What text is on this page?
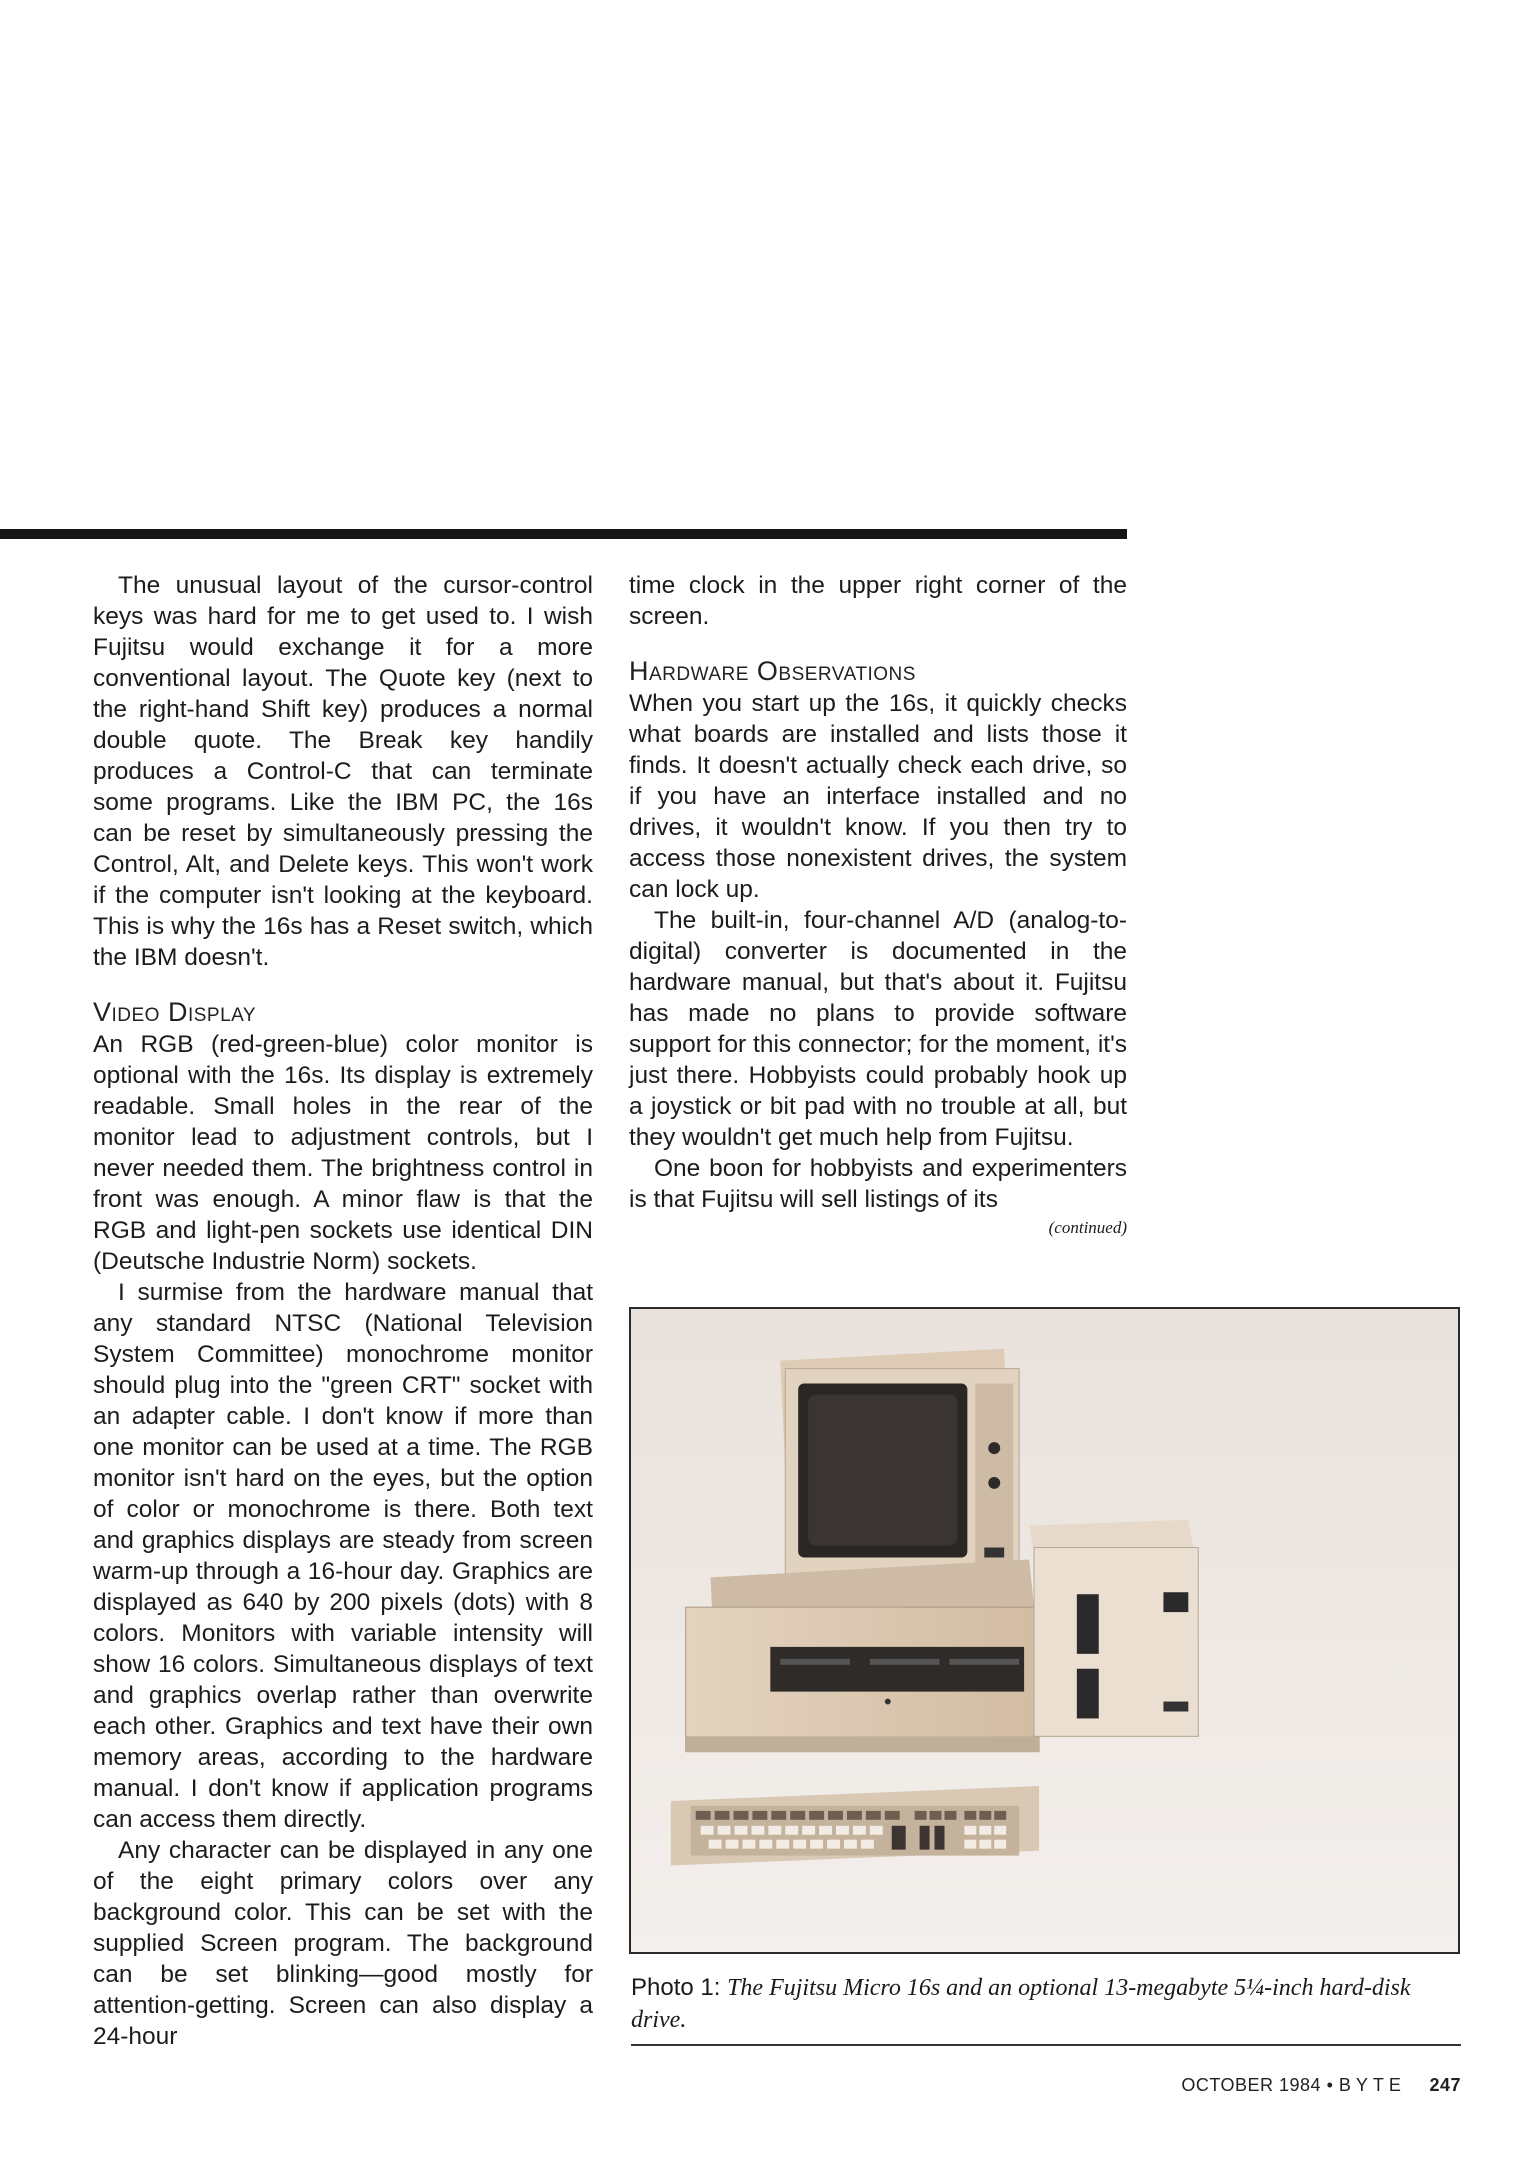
The unusual layout of the cursor-control keys was hard for me to get used to. I wish Fujitsu would exchange it for a more conventional layout. The Quote key (next to the right-hand Shift key) produces a normal double quote. The Break key handily produces a Control-C that can terminate some programs. Like the IBM PC, the 16s can be reset by simultaneously pressing the Control, Alt, and Delete keys. This won't work if the computer isn't looking at the keyboard. This is why the 16s has a Reset switch, which the IBM doesn't.

Video Display

An RGB (red-green-blue) color monitor is optional with the 16s. Its display is extremely readable. Small holes in the rear of the monitor lead to adjustment controls, but I never needed them. The brightness control in front was enough. A minor flaw is that the RGB and light-pen sockets use identical DIN (Deutsche Industrie Norm) sockets.

I surmise from the hardware manual that any standard NTSC (National Television System Committee) monochrome monitor should plug into the "green CRT" socket with an adapter cable. I don't know if more than one monitor can be used at a time. The RGB monitor isn't hard on the eyes, but the option of color or monochrome is there. Both text and graphics displays are steady from screen warm-up through a 16-hour day. Graphics are displayed as 640 by 200 pixels (dots) with 8 colors. Monitors with variable intensity will show 16 colors. Simultaneous displays of text and graphics overlap rather than overwrite each other. Graphics and text have their own memory areas, according to the hardware manual. I don't know if application programs can access them directly.

Any character can be displayed in any one of the eight primary colors over any background color. This can be set with the supplied Screen program. The background can be set blinking—good mostly for attention-getting. Screen can also display a 24-hour

time clock in the upper right corner of the screen.

Hardware Observations

When you start up the 16s, it quickly checks what boards are installed and lists those it finds. It doesn't actually check each drive, so if you have an interface installed and no drives, it wouldn't know. If you then try to access those nonexistent drives, the system can lock up.

The built-in, four-channel A/D (analog-to-digital) converter is documented in the hardware manual, but that's about it. Fujitsu has made no plans to provide software support for this connector; for the moment, it's just there. Hobbyists could probably hook up a joystick or bit pad with no trouble at all, but they wouldn't get much help from Fujitsu.

One boon for hobbyists and experimenters is that Fujitsu will sell listings of its

(continued)
Photo 1: The Fujitsu Micro 16s and an optional 13-megabyte 5¼-inch hard-disk drive.
OCTOBER 1984 • BYTE 247
